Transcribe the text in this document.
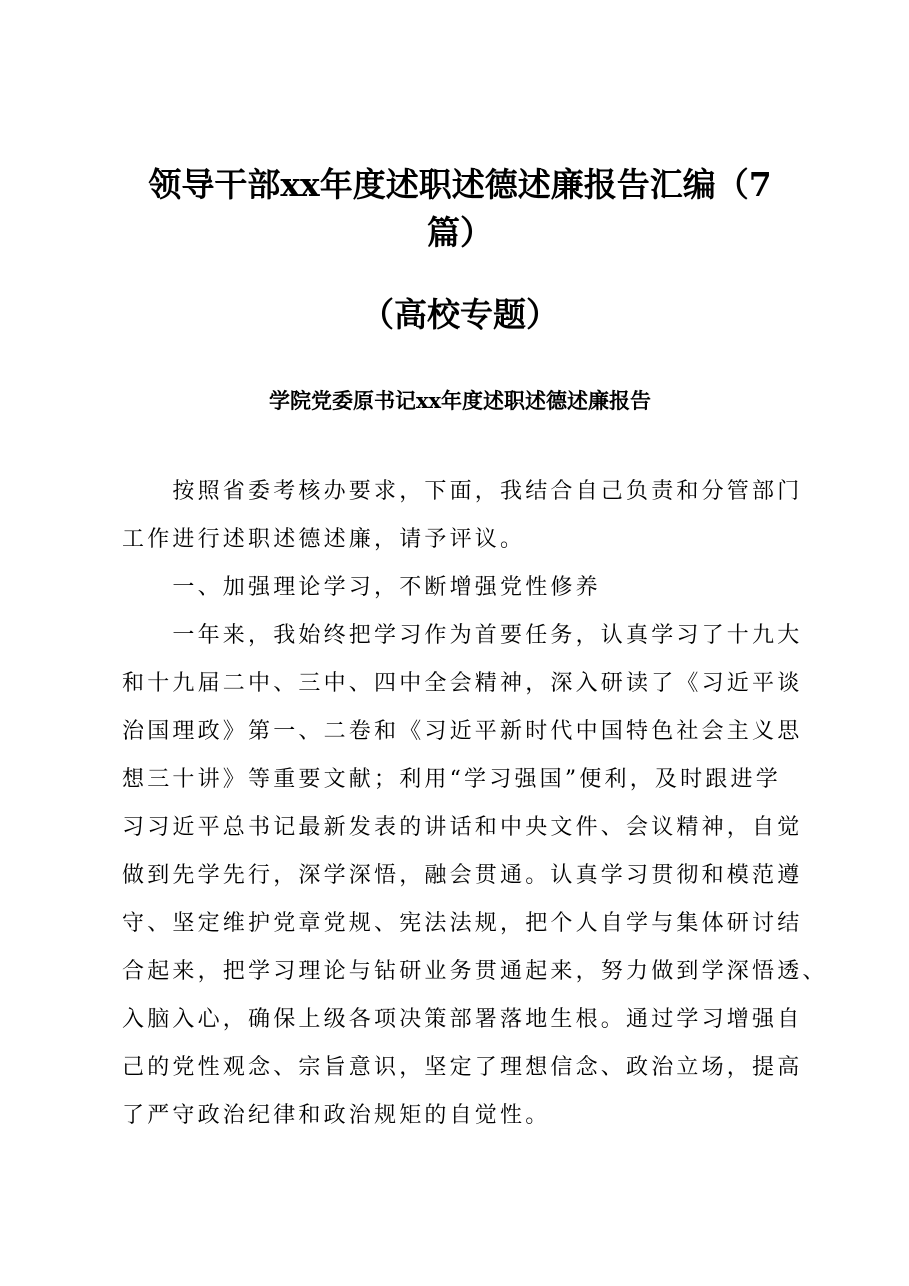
领导干部xx年度述职述德述廉报告汇编（7
篇）
（高校专题）
学院党委原书记xx年度述职述德述廉报告

　　按照省委考核办要求，下面，我结合自己负责和分管部门

工作进行述职述德述廉，请予评议。

　　一、加强理论学习，不断增强党性修养

　　一年来，我始终把学习作为首要任务，认真学习了十九大

和十九届二中、三中、四中全会精神，深入研读了《习近平谈

治国理政》第一、二卷和《习近平新时代中国特色社会主义思

想三十讲》等重要文献；利用“学习强国”便利，及时跟进学

习习近平总书记最新发表的讲话和中央文件、会议精神，自觉

做到先学先行，深学深悟，融会贯通。认真学习贯彻和模范遵

守、坚定维护党章党规、宪法法规，把个人自学与集体研讨结

合起来，把学习理论与钻研业务贯通起来，努力做到学深悟透、

入脑入心，确保上级各项决策部署落地生根。通过学习增强自

己的党性观念、宗旨意识，坚定了理想信念、政治立场，提高

了严守政治纪律和政治规矩的自觉性。
